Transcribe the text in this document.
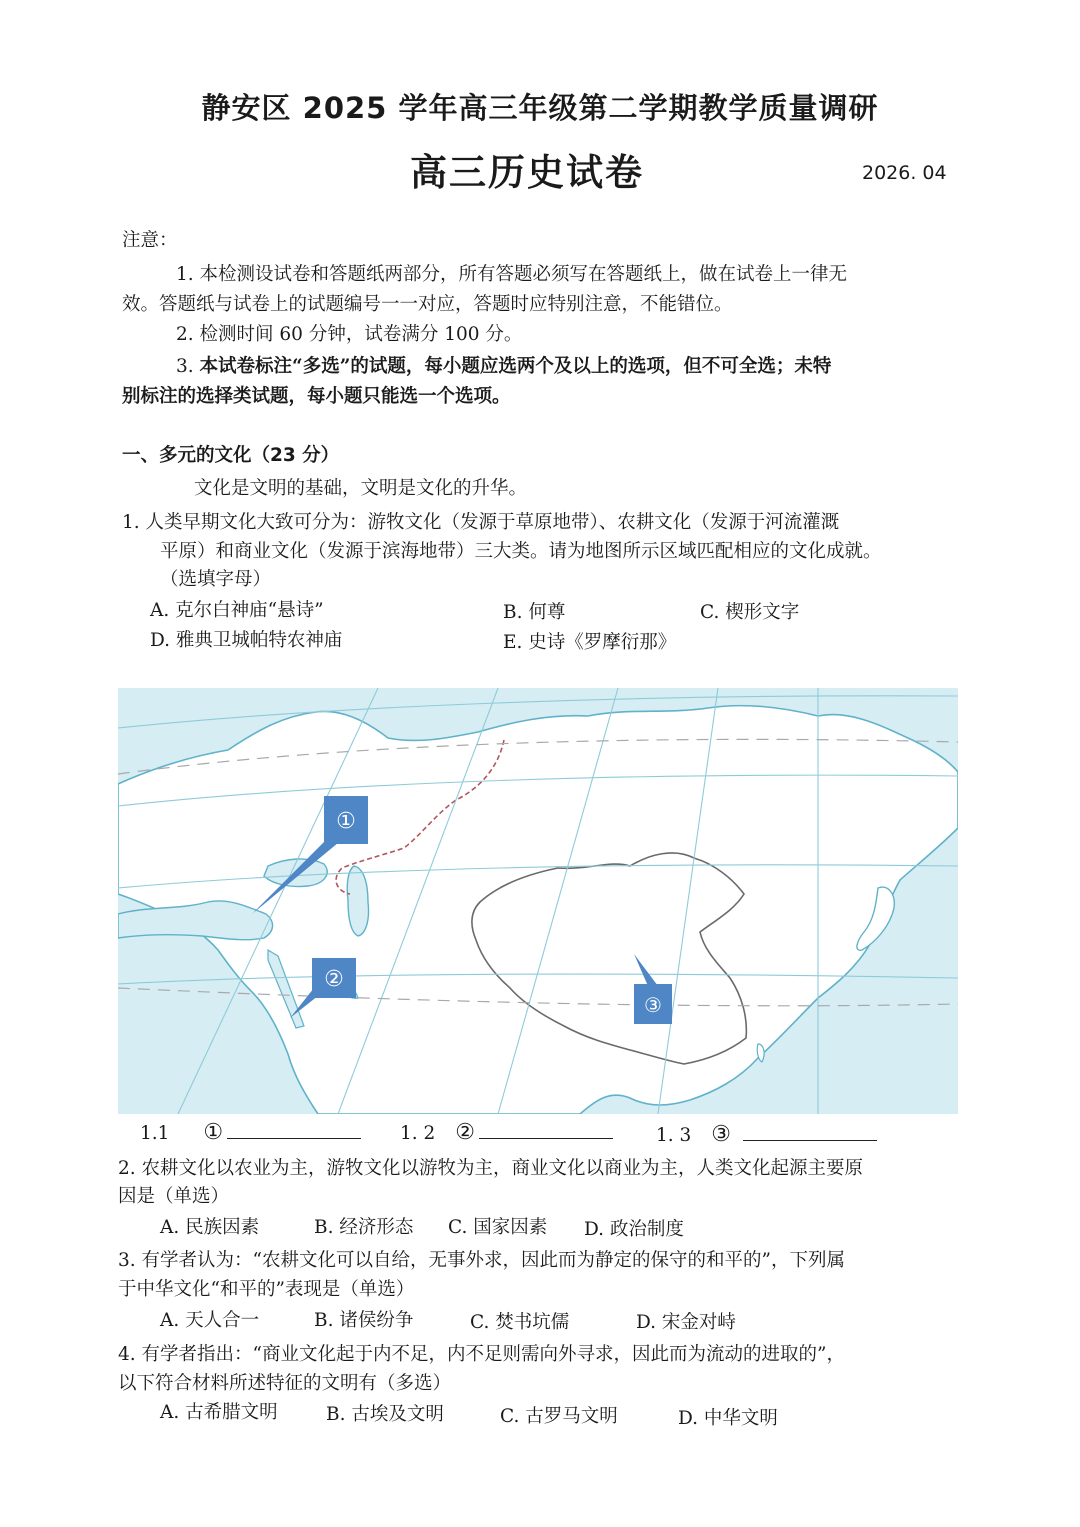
静安区 2025 学年高三年级第二学期教学质量调研
高三历史试卷	2026. 04
注意：
1. 本检测设试卷和答题纸两部分，所有答题必须写在答题纸上，做在试卷上一律无
效。答题纸与试卷上的试题编号一一对应，答题时应特别注意，不能错位。
2. 检测时间 60 分钟，试卷满分 100 分。
3. 本试卷标注“多选”的试题，每小题应选两个及以上的选项，但不可全选；未特
别标注的选择类试题，每小题只能选一个选项。
一、多元的文化（23 分）
文化是文明的基础，文明是文化的升华。
1. 人类早期文化大致可分为：游牧文化（发源于草原地带）、农耕文化（发源于河流灌溉
平原）和商业文化（发源于滨海地带）三大类。请为地图所示区域匹配相应的文化成就。
（选填字母）
A. 克尔白神庙“悬诗”	B. 何尊	C. 楔形文字
D. 雅典卫城帕特农神庙	E. 史诗《罗摩衍那》
①
②
③
1.1 ①	1. 2 ②	1. 3 ③
2. 农耕文化以农业为主，游牧文化以游牧为主，商业文化以商业为主，人类文化起源主要原
因是（单选）
A. 民族因素	B. 经济形态 C. 国家因素 D. 政治制度
3. 有学者认为：“农耕文化可以自给，无事外求，因此而为静定的保守的和平的”，下列属
于中华文化“和平的”表现是（单选）
A. 天人合一	B. 诸侯纷争	C. 焚书坑儒	D. 宋金对峙
4. 有学者指出：“商业文化起于内不足，内不足则需向外寻求，因此而为流动的进取的”，
以下符合材料所述特征的文明有（多选）
A. 古希腊文明	B. 古埃及文明	C. 古罗马文明	D. 中华文明
